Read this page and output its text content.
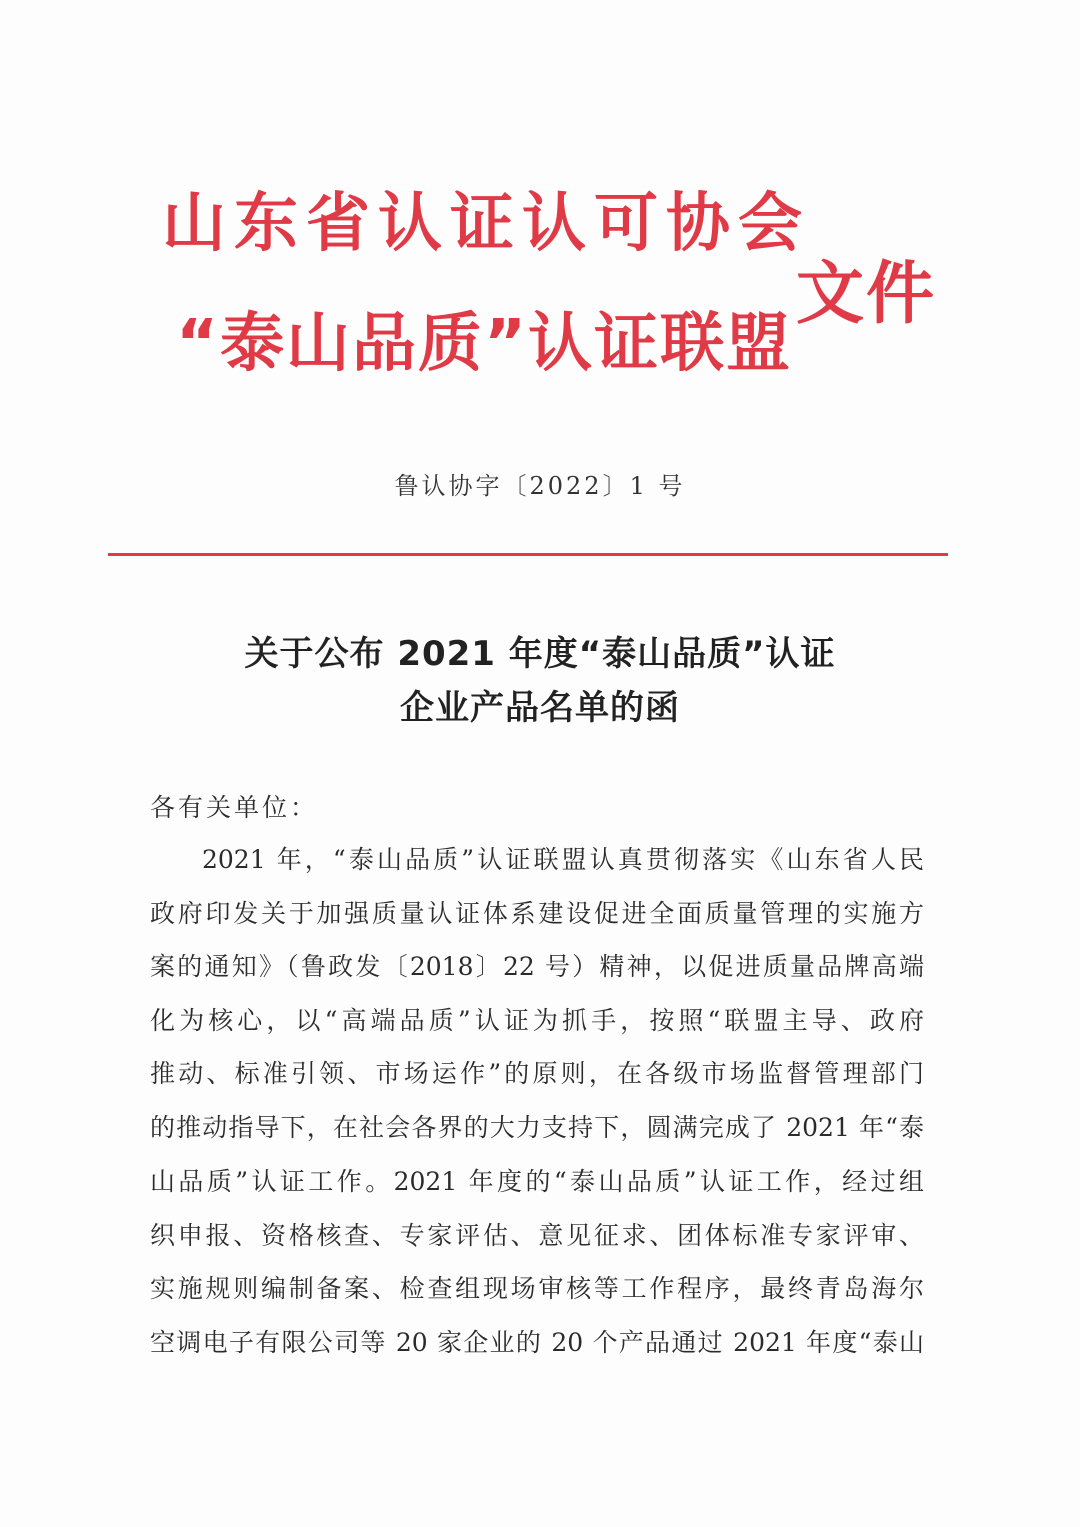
山东省认证认可协会
“泰山品质”认证联盟
文件
鲁认协字〔2022〕1 号
关于公布 2021 年度“泰山品质”认证
企业产品名单的函
各有关单位：
2021 年，“泰山品质”认证联盟认真贯彻落实《山东省人民
政府印发关于加强质量认证体系建设促进全面质量管理的实施方
案的通知》（鲁政发〔2018〕22 号）精神，以促进质量品牌高端
化为核心，以“高端品质”认证为抓手，按照“联盟主导、政府
推动、标准引领、市场运作”的原则，在各级市场监督管理部门
的推动指导下，在社会各界的大力支持下，圆满完成了 2021 年“泰
山品质”认证工作。2021 年度的“泰山品质”认证工作，经过组
织申报、资格核查、专家评估、意见征求、团体标准专家评审、
实施规则编制备案、检查组现场审核等工作程序，最终青岛海尔
空调电子有限公司等 20 家企业的 20 个产品通过 2021 年度“泰山
